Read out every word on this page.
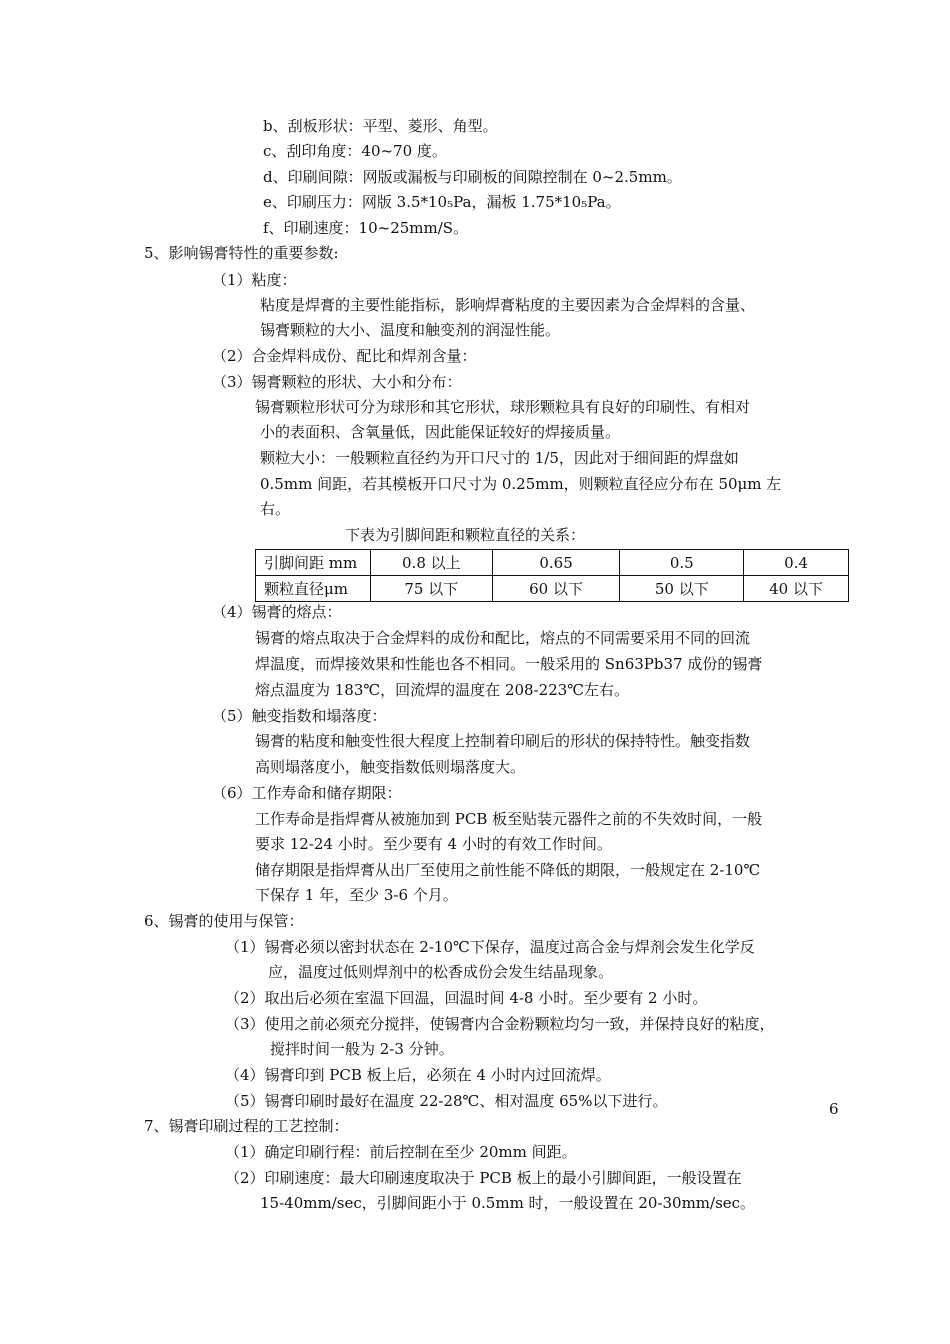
b、刮板形状：平型、菱形、角型。
c、刮印角度：40~70 度。
d、印刷间隙：网版或漏板与印刷板的间隙控制在 0~2.5mm。
e、印刷压力：网版 3.5*10₅Pa，漏板 1.75*10₅Pa。
f、印刷速度：10~25mm/S。
5、影响锡膏特性的重要参数:
（1）粘度：
粘度是焊膏的主要性能指标，影响焊膏粘度的主要因素为合金焊料的含量、
锡膏颗粒的大小、温度和触变剂的润湿性能。
（2）合金焊料成份、配比和焊剂含量：
（3）锡膏颗粒的形状、大小和分布：
锡膏颗粒形状可分为球形和其它形状，球形颗粒具有良好的印刷性、有相对
小的表面积、含氧量低，因此能保证较好的焊接质量。
颗粒大小：一般颗粒直径约为开口尺寸的 1/5，因此对于细间距的焊盘如
0.5mm 间距，若其模板开口尺寸为 0.25mm，则颗粒直径应分布在 50μm 左
右。
下表为引脚间距和颗粒直径的关系：
（4）锡膏的熔点：
锡膏的熔点取决于合金焊料的成份和配比，熔点的不同需要采用不同的回流
焊温度，而焊接效果和性能也各不相同。一般采用的 Sn63Pb37 成份的锡膏
熔点温度为 183℃，回流焊的温度在 208-223℃左右。
（5）触变指数和塌落度：
锡膏的粘度和触变性很大程度上控制着印刷后的形状的保持特性。触变指数
高则塌落度小，触变指数低则塌落度大。
（6）工作寿命和储存期限：
工作寿命是指焊膏从被施加到 PCB 板至贴装元器件之前的不失效时间，一般
要求 12-24 小时。至少要有 4 小时的有效工作时间。
储存期限是指焊膏从出厂至使用之前性能不降低的期限，一般规定在 2-10℃
下保存 1 年，至少 3-6 个月。
6、锡膏的使用与保管：
（1）锡膏必须以密封状态在 2-10℃下保存，温度过高合金与焊剂会发生化学反
应，温度过低则焊剂中的松香成份会发生结晶现象。
（2）取出后必须在室温下回温，回温时间 4-8 小时。至少要有 2 小时。
（3）使用之前必须充分搅拌，使锡膏内合金粉颗粒均匀一致，并保持良好的粘度，
搅拌时间一般为 2-3 分钟。
（4）锡膏印到 PCB 板上后，必须在 4 小时内过回流焊。
（5）锡膏印刷时最好在温度 22-28℃、相对温度 65%以下进行。
7、锡膏印刷过程的工艺控制：
（1）确定印刷行程：前后控制在至少 20mm 间距。
（2）印刷速度：最大印刷速度取决于 PCB 板上的最小引脚间距，一般设置在
15-40mm/sec，引脚间距小于 0.5mm 时，一般设置在 20-30mm/sec。
引脚间距 mm	0.8 以上	0.65	0.5	0.4
颗粒直径μm	75 以下	60 以下	50 以下	40 以下
6
